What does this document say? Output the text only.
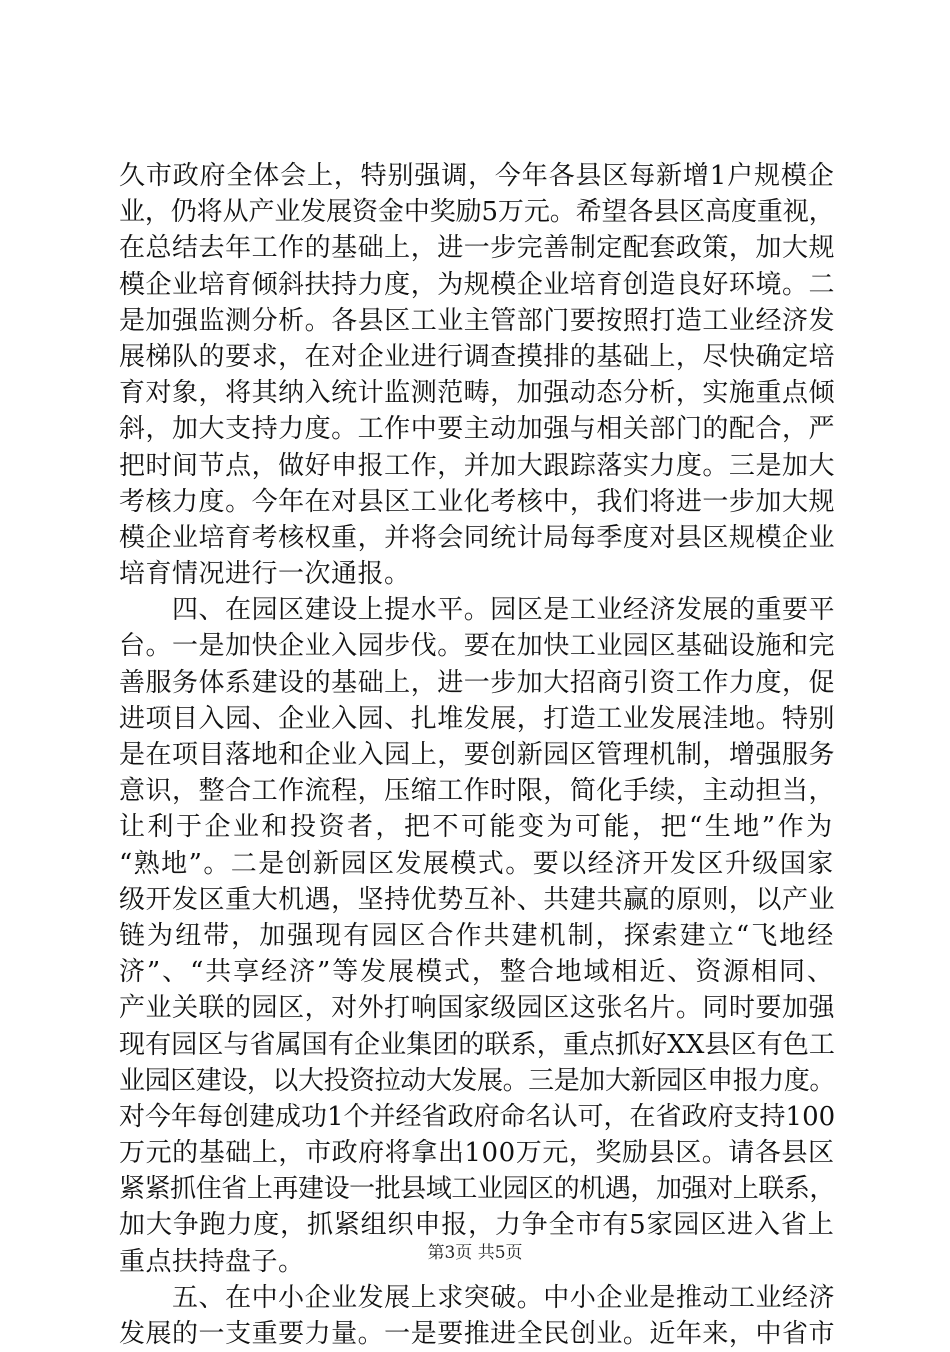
久市政府全体会上，特别强调，今年各县区每新增1户规模企
业，仍将从产业发展资金中奖励5万元。希望各县区高度重视，
在总结去年工作的基础上，进一步完善制定配套政策，加大规
模企业培育倾斜扶持力度，为规模企业培育创造良好环境。二
是加强监测分析。各县区工业主管部门要按照打造工业经济发
展梯队的要求，在对企业进行调查摸排的基础上，尽快确定培
育对象，将其纳入统计监测范畴，加强动态分析，实施重点倾
斜，加大支持力度。工作中要主动加强与相关部门的配合，严
把时间节点，做好申报工作，并加大跟踪落实力度。三是加大
考核力度。今年在对县区工业化考核中，我们将进一步加大规
模企业培育考核权重，并将会同统计局每季度对县区规模企业
培育情况进行一次通报。
　　四、在园区建设上提水平。园区是工业经济发展的重要平
台。一是加快企业入园步伐。要在加快工业园区基础设施和完
善服务体系建设的基础上，进一步加大招商引资工作力度，促
进项目入园、企业入园、扎堆发展，打造工业发展洼地。特别
是在项目落地和企业入园上，要创新园区管理机制，增强服务
意识，整合工作流程，压缩工作时限，简化手续，主动担当，
让利于企业和投资者，把不可能变为可能，把“生地”作为
“熟地”。二是创新园区发展模式。要以经济开发区升级国家
级开发区重大机遇，坚持优势互补、共建共赢的原则，以产业
链为纽带，加强现有园区合作共建机制，探索建立“飞地经
济”、“共享经济”等发展模式，整合地域相近、资源相同、
产业关联的园区，对外打响国家级园区这张名片。同时要加强
现有园区与省属国有企业集团的联系，重点抓好XX县区有色工
业园区建设，以大投资拉动大发展。三是加大新园区申报力度。
对今年每创建成功1个并经省政府命名认可，在省政府支持100
万元的基础上，市政府将拿出100万元，奖励县区。请各县区
紧紧抓住省上再建设一批县域工业园区的机遇，加强对上联系，
加大争跑力度，抓紧组织申报，力争全市有5家园区进入省上
重点扶持盘子。
　　五、在中小企业发展上求突破。中小企业是推动工业经济
发展的一支重要力量。一是要推进全民创业。近年来，中省市
第3页 共5页
